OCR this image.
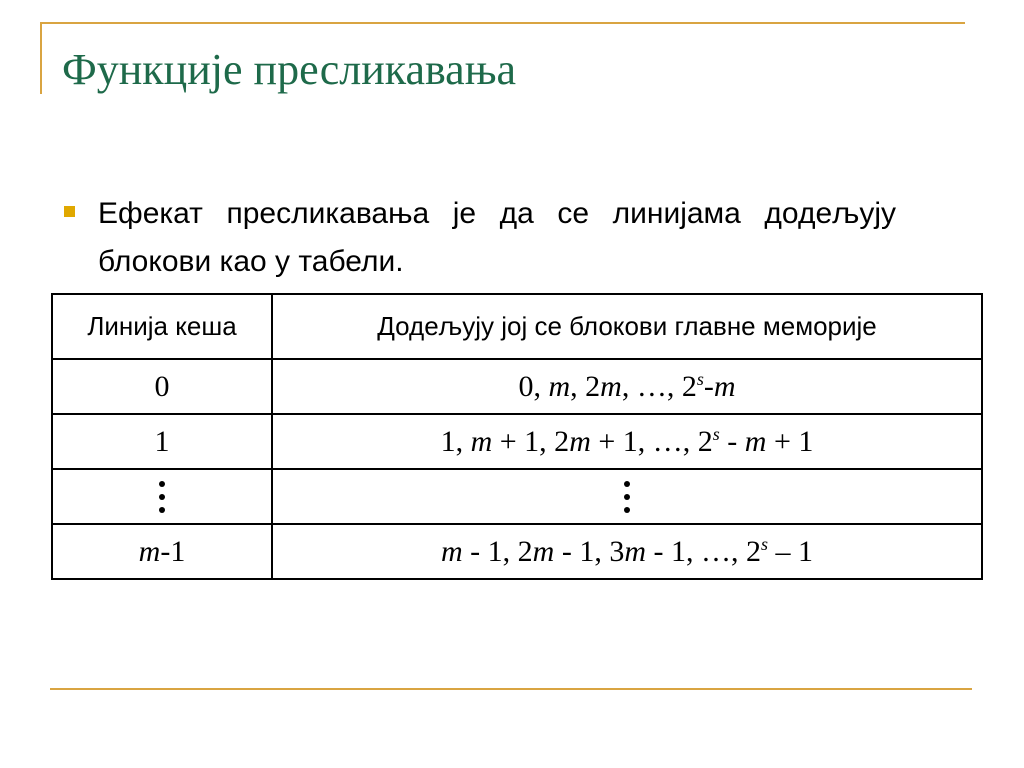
Функције пресликавања

Ефекат пресликавања је да се линијама додељују блокови као у табели.

Линија кеша	Додељују јој се блокови главне меморије
0	0, m, 2m, …, 2$^s$-m
1	1, m + 1, 2m + 1, …, 2$^s$ - m + 1

m-1	m - 1, 2m - 1, 3m - 1, …, 2$^s$ – 1
